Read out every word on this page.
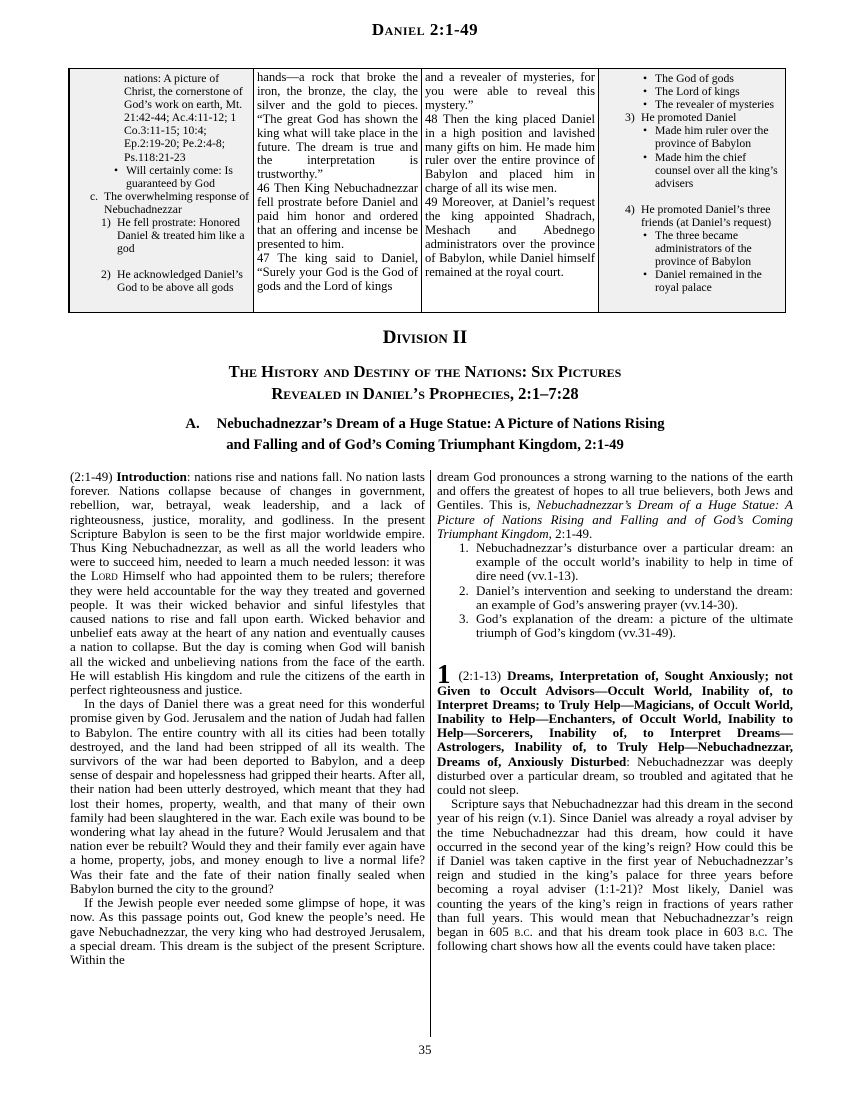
Daniel 2:1-49
nations: A picture of Christ, the cornerstone of God’s work on earth, Mt. 21:42-44; Ac.4:11-12; 1 Co.3:11-15; 10:4; Ep.2:19-20; Pe.2:4-8; Ps.118:21-23
• Will certainly come: Is guaranteed by God
c. The overwhelming response of Nebuchadnezzar
1) He fell prostrate: Honored Daniel & treated him like a god
2) He acknowledged Daniel’s God to be above all gods

hands—a rock that broke the iron, the bronze, the clay, the silver and the gold to pieces. “The great God has shown the king what will take place in the future. The dream is true and the interpretation is trustworthy.”

46 Then King Nebuchadnezzar fell prostrate before Daniel and paid him honor and ordered that an offering and incense be presented to him.

47 The king said to Daniel, “Surely your God is the God of gods and the Lord of kings

and a revealer of mysteries, for you were able to reveal this mystery.”

48 Then the king placed Daniel in a high position and lavished many gifts on him. He made him ruler over the entire province of Babylon and placed him in charge of all its wise men.

49 Moreover, at Daniel’s request the king appointed Shadrach, Meshach and Abednego administrators over the province of Babylon, while Daniel himself remained at the royal court.

• The God of gods
• The Lord of kings
• The revealer of mysteries
3) He promoted Daniel
• Made him ruler over the province of Babylon
• Made him the chief counsel over all the king’s advisers
4) He promoted Daniel’s three friends (at Daniel’s request)
• The three became administrators of the province of Babylon
• Daniel remained in the royal palace
Division II
The History and Destiny of the Nations: Six Pictures
Revealed in Daniel’s Prophecies, 2:1–7:28
A. Nebuchadnezzar’s Dream of a Huge Statue: A Picture of Nations Rising
and Falling and of God’s Coming Triumphant Kingdom, 2:1-49

(2:1-49) Introduction: nations rise and nations fall. No nation lasts forever. Nations collapse because of changes in government, rebellion, war, betrayal, weak leadership, and a lack of righteousness, justice, morality, and godliness. In the present Scripture Babylon is seen to be the first major worldwide empire. Thus King Nebuchadnezzar, as well as all the world leaders who were to succeed him, needed to learn a much needed lesson: it was the Lord Himself who had appointed them to be rulers; therefore they were held accountable for the way they treated and governed people. It was their wicked behavior and sinful lifestyles that caused nations to rise and fall upon earth. Wicked behavior and unbelief eats away at the heart of any nation and eventually causes a nation to collapse. But the day is coming when God will banish all the wicked and unbelieving nations from the face of the earth. He will establish His kingdom and rule the citizens of the earth in perfect righteousness and justice.

In the days of Daniel there was a great need for this wonderful promise given by God. Jerusalem and the nation of Judah had fallen to Babylon. The entire country with all its cities had been totally destroyed, and the land had been stripped of all its wealth. The survivors of the war had been deported to Babylon, and a deep sense of despair and hopelessness had gripped their hearts. After all, their nation had been utterly destroyed, which meant that they had lost their homes, property, wealth, and that many of their own family had been slaughtered in the war. Each exile was bound to be wondering what lay ahead in the future? Would Jerusalem and that nation ever be rebuilt? Would they and their family ever again have a home, property, jobs, and money enough to live a normal life? Was their fate and the fate of their nation finally sealed when Babylon burned the city to the ground?

If the Jewish people ever needed some glimpse of hope, it was now. As this passage points out, God knew the people’s need. He gave Nebuchadnezzar, the very king who had destroyed Jerusalem, a special dream. This dream is the subject of the present Scripture. Within the

dream God pronounces a strong warning to the nations of the earth and offers the greatest of hopes to all true believers, both Jews and Gentiles. This is, Nebuchadnezzar’s Dream of a Huge Statue: A Picture of Nations Rising and Falling and of God’s Coming Triumphant Kingdom, 2:1-49.

1. Nebuchadnezzar’s disturbance over a particular dream: an example of the occult world’s inability to help in time of dire need (vv.1-13).
2. Daniel’s intervention and seeking to understand the dream: an example of God’s answering prayer (vv.14-30).
3. God’s explanation of the dream: a picture of the ultimate triumph of God’s kingdom (vv.31-49).

1 (2:1-13) Dreams, Interpretation of, Sought Anxiously; not Given to Occult Advisors—Occult World, Inability of, to Interpret Dreams; to Truly Help—Magicians, of Occult World, Inability to Help—Enchanters, of Occult World, Inability to Help—Sorcerers, Inability of, to Interpret Dreams—Astrologers, Inability of, to Truly Help—Nebuchadnezzar, Dreams of, Anxiously Disturbed: Nebuchadnezzar was deeply disturbed over a particular dream, so troubled and agitated that he could not sleep.

Scripture says that Nebuchadnezzar had this dream in the second year of his reign (v.1). Since Daniel was already a royal adviser by the time Nebuchadnezzar had this dream, how could it have occurred in the second year of the king’s reign? How could this be if Daniel was taken captive in the first year of Nebuchadnezzar’s reign and studied in the king’s palace for three years before becoming a royal adviser (1:1-21)? Most likely, Daniel was counting the years of the king’s reign in fractions of years rather than full years. This would mean that Nebuchadnezzar’s reign began in 605 b.c. and that his dream took place in 603 b.c. The following chart shows how all the events could have taken place:

35
